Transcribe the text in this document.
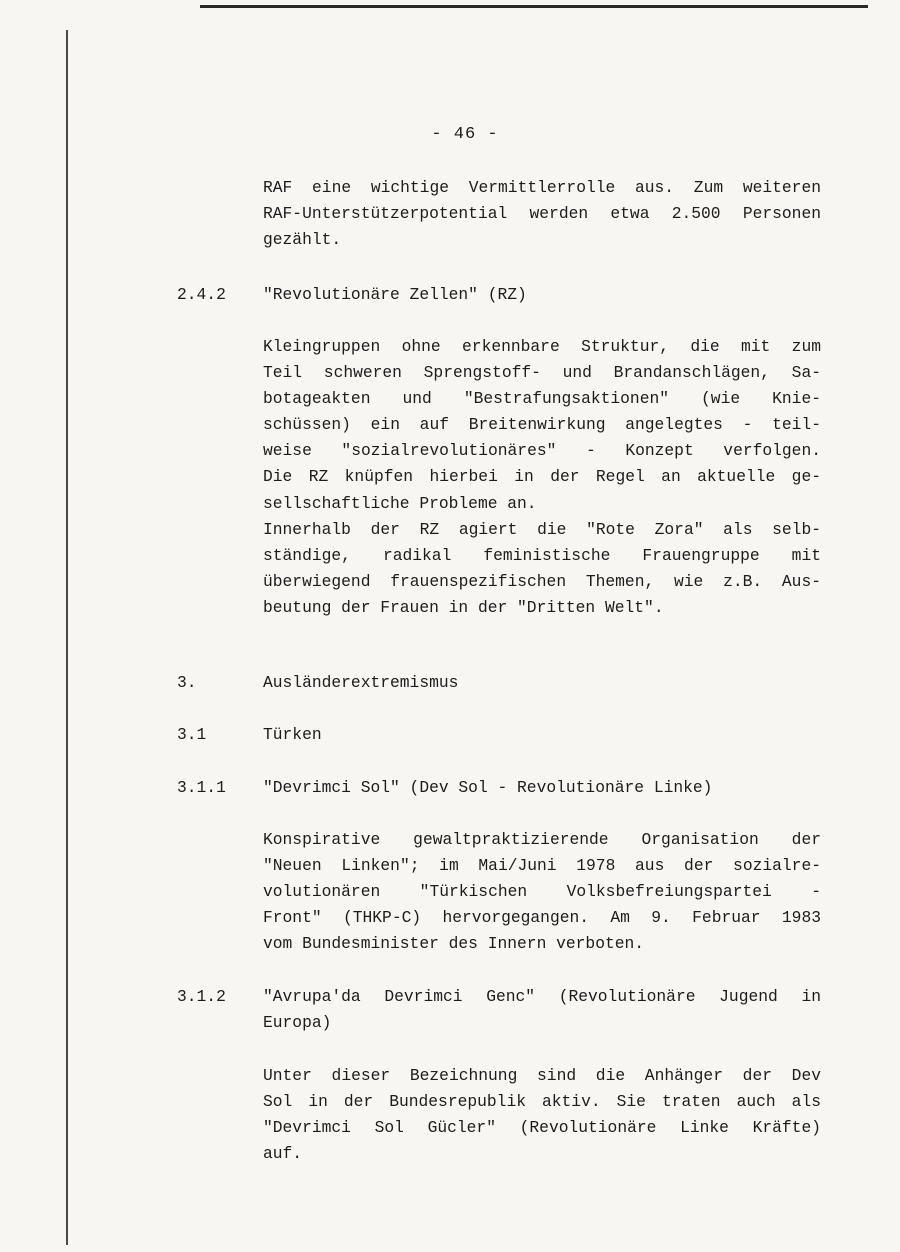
- 46 -
RAF eine wichtige Vermittlerrolle aus. Zum weiteren
RAF-Unterstützerpotential werden etwa 2.500 Personen
gezählt.
2.4.2 "Revolutionäre Zellen" (RZ)
Kleingruppen ohne erkennbare Struktur, die mit zum
Teil schweren Sprengstoff- und Brandanschlägen, Sa-
botageakten und "Bestrafungsaktionen" (wie Knie-
schüssen) ein auf Breitenwirkung angelegtes - teil-
weise "sozialrevolutionäres" - Konzept verfolgen.
Die RZ knüpfen hierbei in der Regel an aktuelle ge-
sellschaftliche Probleme an.
Innerhalb der RZ agiert die "Rote Zora" als selb-
ständige, radikal feministische Frauengruppe mit
überwiegend frauenspezifischen Themen, wie z.B. Aus-
beutung der Frauen in der "Dritten Welt".
3.	Ausländerextremismus
3.1	Türken
3.1.1 "Devrimci Sol" (Dev Sol - Revolutionäre Linke)
Konspirative gewaltpraktizierende Organisation der
"Neuen Linken"; im Mai/Juni 1978 aus der sozialre-
volutionären "Türkischen Volksbefreiungspartei -
Front" (THKP-C) hervorgegangen. Am 9. Februar 1983
vom Bundesminister des Innern verboten.
3.1.2 "Avrupa'da Devrimci Genc" (Revolutionäre Jugend in
Europa)
Unter dieser Bezeichnung sind die Anhänger der Dev
Sol in der Bundesrepublik aktiv. Sie traten auch als
"Devrimci Sol Gücler" (Revolutionäre Linke Kräfte)
auf.
